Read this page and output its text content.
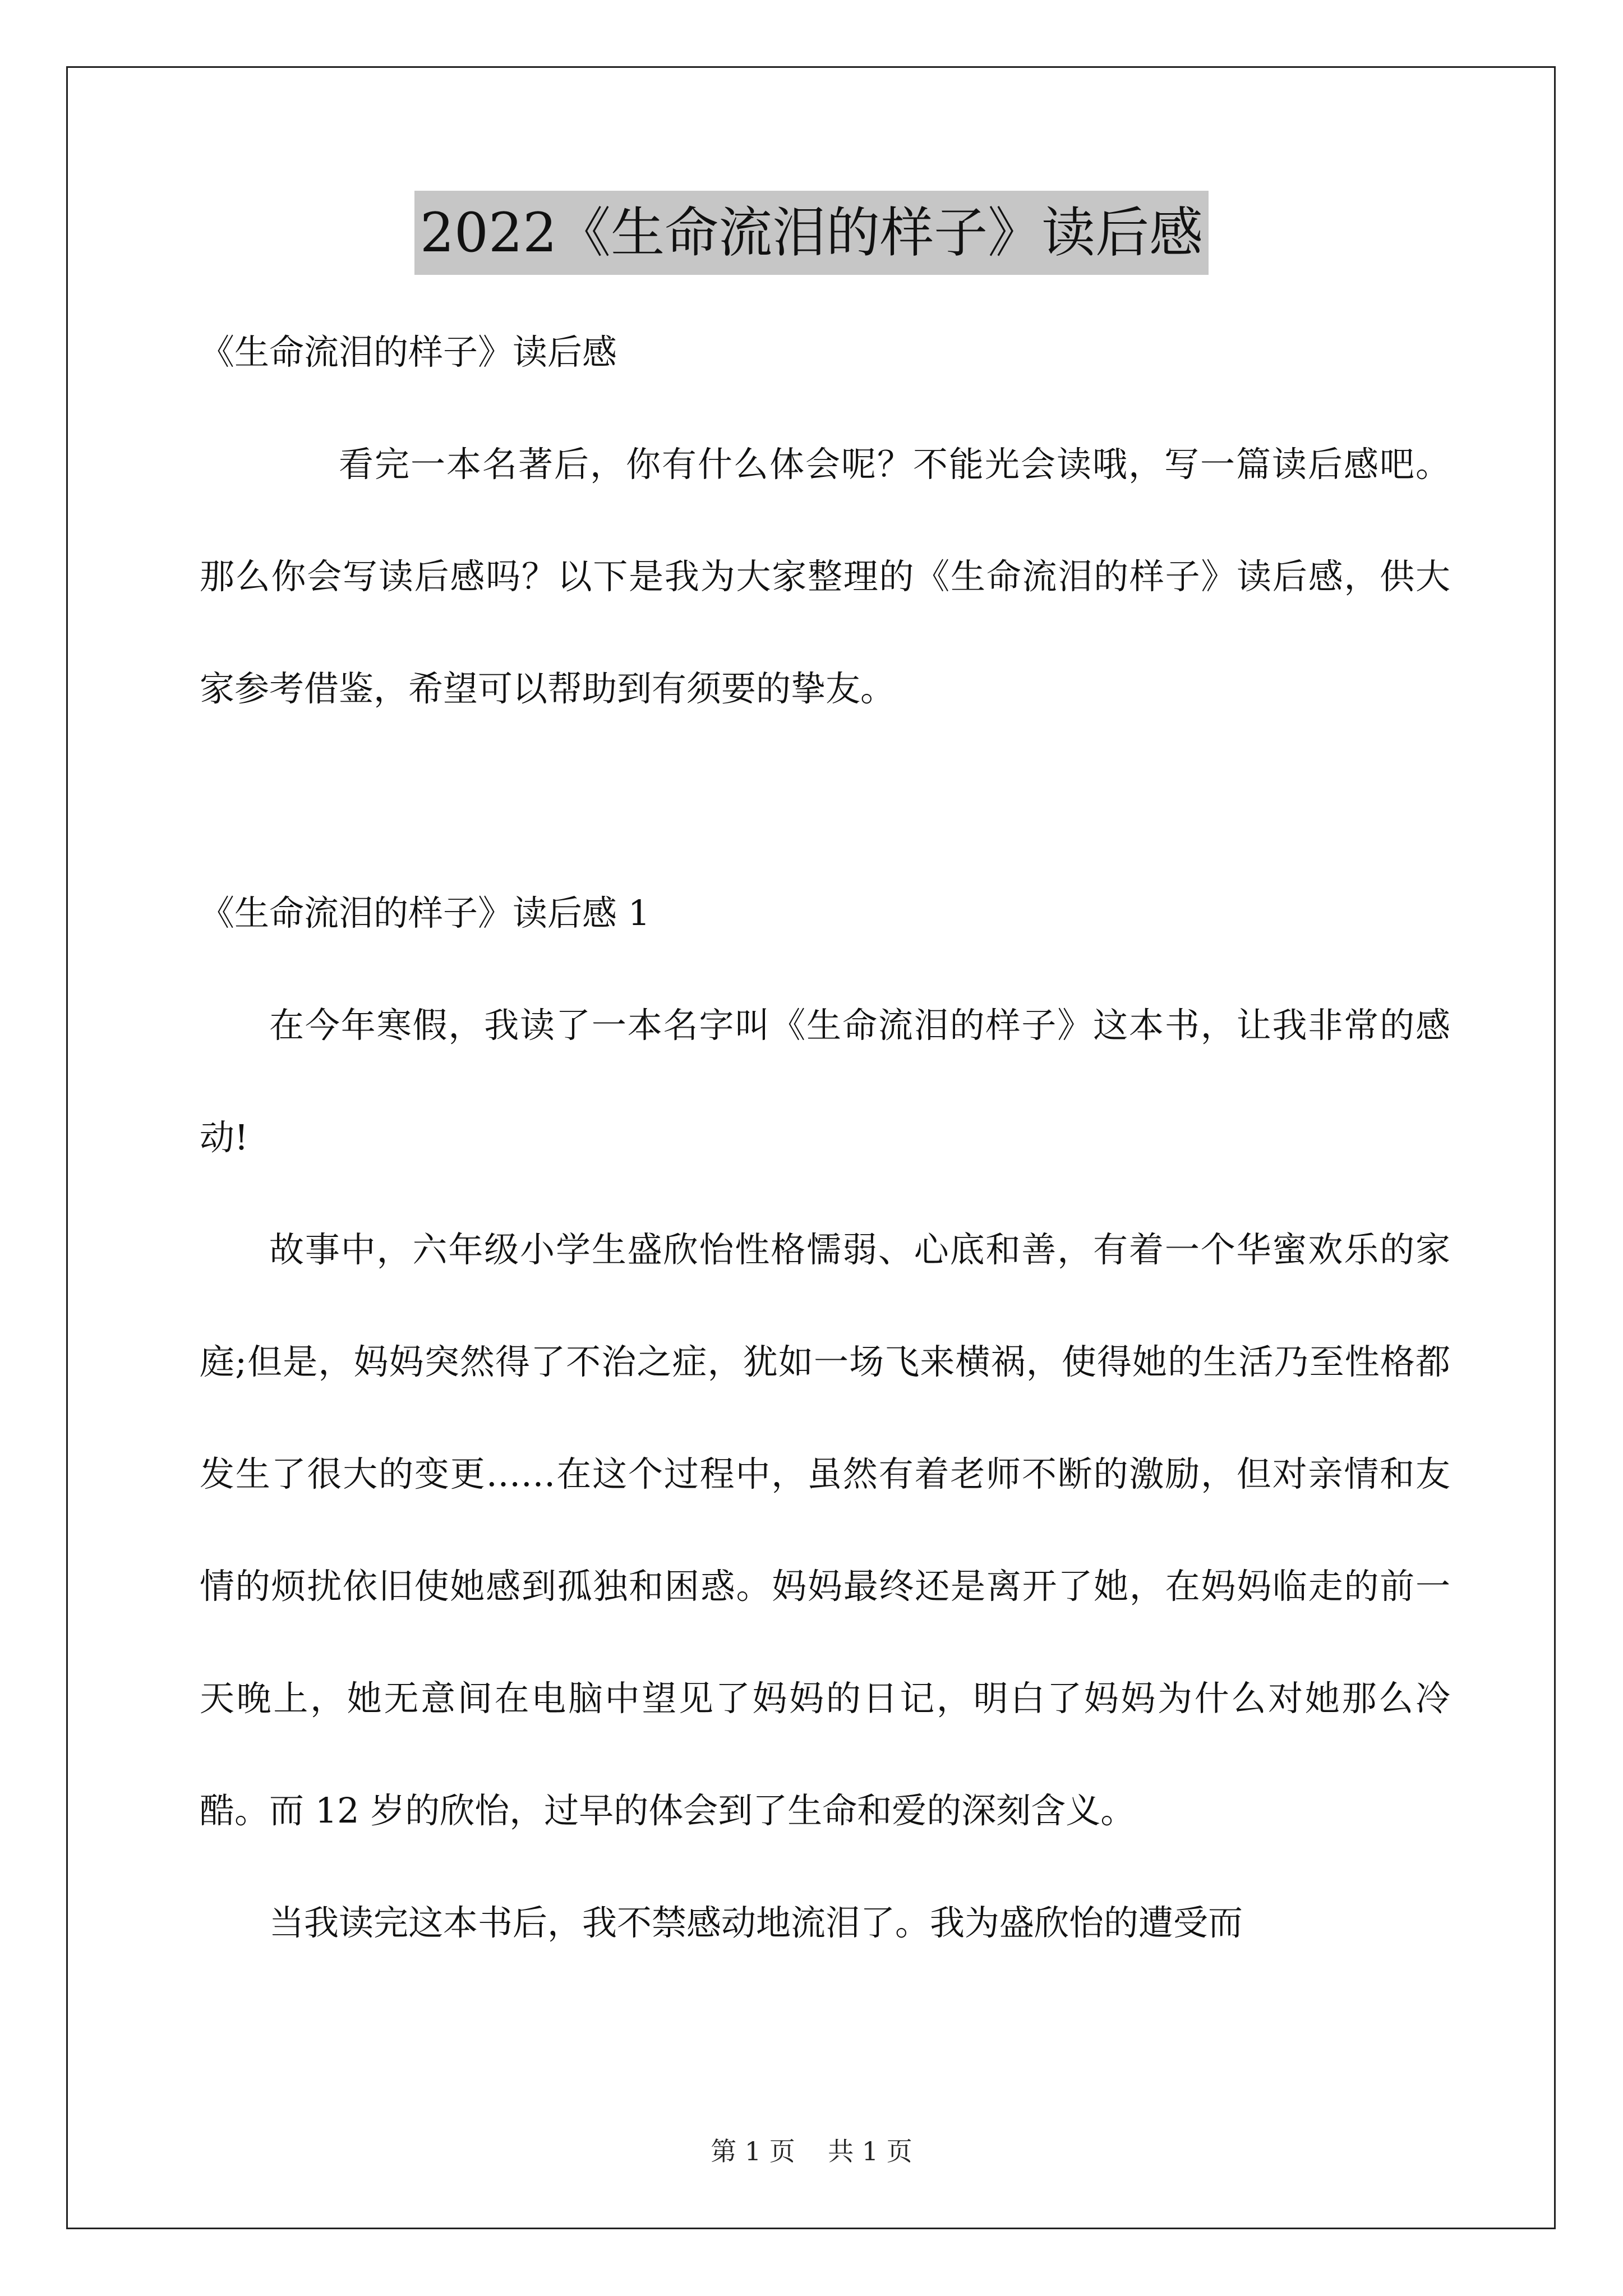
2022《生命流泪的样子》读后感

《生命流泪的样子》读后感

看完一本名著后，你有什么体会呢？不能光会读哦，写一篇读后感吧。那么你会写读后感吗？以下是我为大家整理的《生命流泪的样子》读后感，供大家参考借鉴，希望可以帮助到有须要的挚友。

《生命流泪的样子》读后感 1

在今年寒假，我读了一本名字叫《生命流泪的样子》这本书，让我非常的感动!

故事中，六年级小学生盛欣怡性格懦弱、心底和善，有着一个华蜜欢乐的家庭;但是，妈妈突然得了不治之症，犹如一场飞来横祸，使得她的生活乃至性格都发生了很大的变更……在这个过程中，虽然有着老师不断的激励，但对亲情和友情的烦扰依旧使她感到孤独和困惑。妈妈最终还是离开了她，在妈妈临走的前一天晚上，她无意间在电脑中望见了妈妈的日记，明白了妈妈为什么对她那么冷酷。而 12 岁的欣怡，过早的体会到了生命和爱的深刻含义。

当我读完这本书后，我不禁感动地流泪了。我为盛欣怡的遭受而

第 1 页    共 1 页
